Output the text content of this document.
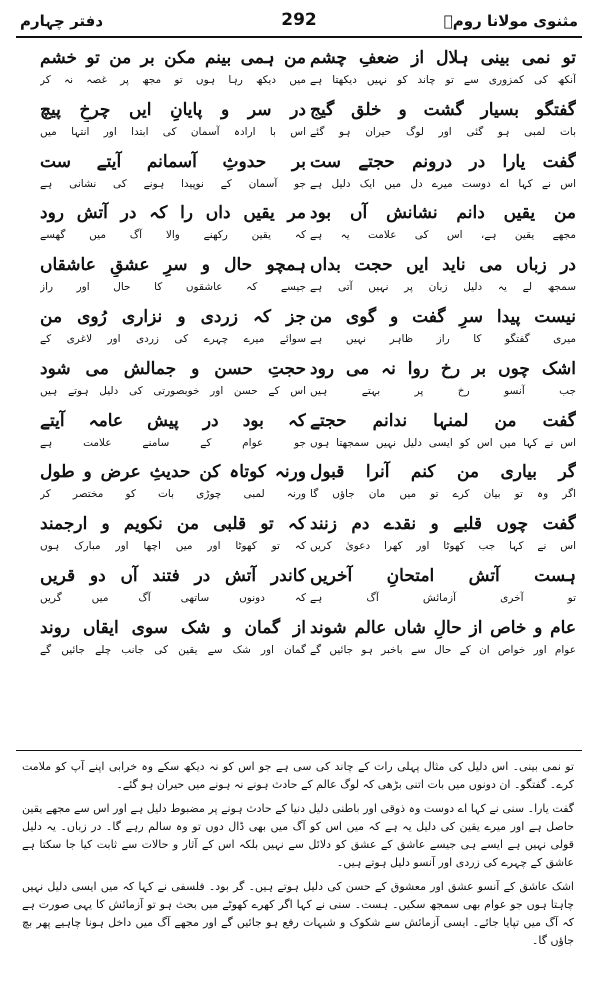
مثنوی مولانا رومؒ
292
دفتر چہارم
تو نمی بینی ہلال از ضعفِ چشم
آنکھ کی کمزوری سے تو چاند کو نہیں دیکھتا ہے
گفتگو بسیار گشت و خلق گیج
بات لمبی ہو گئی اور لوگ حیران ہو گئے
گفت یارا در درونم حجتے ست
اس نے کہا اے دوست میرے دل میں ایک دلیل ہے
من یقیں دانم نشانش آں بود
مجھے یقین ہے، اس کی علامت یہ ہے
در زباں می ناید ایں حجت بداں
سمجھ لے یہ دلیل زبان پر نہیں آتی ہے
نیست پیدا سرِ گفت و گوی من
میری گفتگو کا راز ظاہر نہیں ہے
اشک چوں بر رخ روا نہ می رود
جب آنسو رخ پر بہتے ہیں
گفت من لمنہا ندانم حجتے
اس نے کہا میں اس کو ایسی دلیل نہیں سمجھتا ہوں
گر بیاری من کنم آنرا قبول
اگر وہ تو بیان کرے تو میں مان جاؤں گا
گفت چوں قلبے و نقدے دم زنند
اس نے کہا جب کھوٹا اور کھرا دعویٰ کریں
ہست آتش امتحانِ آخریں
تو آخری آزمائش آگ ہے
عام و خاص از حالِ شاں عالم شوند
عوام اور خواص ان کے حال سے باخبر ہو جائیں گے
من ہمی بینم مکن بر من تو خشم
میں دیکھ رہا ہوں تو مجھ پر غصہ نہ کر
در سر و پایانِ ایں چرخِ پیچ
اس با ارادہ آسمان کی ابتدا اور انتہا میں
بر حدوثِ آسمانم آیتے ست
جو آسمان کے نوپیدا ہونے کی نشانی ہے
مر یقیں داں را کہ در آتش رود
کہ یقین رکھنے والا آگ میں گھسے
ہمچو حال و سرِ عشقِ عاشقاں
جیسے کہ عاشقوں کا حال اور راز
جز کہ زردی و نزاری رُوی من
سوائے میرے چہرے کی زردی اور لاغری کے
حجتِ حسن و جمالش می شود
اس کے حسن اور خوبصورتی کی دلیل ہوتے ہیں
کہ بود در پیش عامہ آیتے
جو عوام کے سامنے علامت ہے
ورنہ کوتاہ کن حدیثِ عرض و طول
ورنہ لمبی چوڑی بات کو مختصر کر
کہ تو قلبی من نکویم و ارجمند
کہ تو کھوٹا اور میں اچھا اور مبارک ہوں
کاندر آتش در فتند آں دو قریں
کہ دونوں ساتھی آگ میں گریں
از گمان و شک سوی ایقاں روند
گمان اور شک سے یقین کی جانب چلے جائیں گے

تو نمی بینی۔ اس دلیل کی مثال پہلی رات کے چاند کی سی ہے جو اس کو نہ دیکھ سکے وہ خرابی اپنے آپ کو ملامت کرے۔ گفتگو۔ ان دونوں میں بات اتنی بڑھی کہ لوگ عالم کے حادث ہونے نہ ہونے میں حیران ہو گئے۔

گفت یارا۔ سنی نے کہا اے دوست وہ ذوقی اور باطنی دلیل دنیا کے حادث ہونے پر مضبوط دلیل ہے اور اس سے مجھے یقین حاصل ہے اور میرے یقین کی دلیل یہ ہے کہ میں اس کو آگ میں بھی ڈال دوں تو وہ سالم رہے گا۔ در زباں۔ یہ دلیل قولی نہیں ہے ایسے ہی جیسے عاشق کے عشق کو دلائل سے نہیں بلکہ اس کے آثار و حالات سے ثابت کیا جا سکتا ہے عاشق کے چہرے کی زردی اور آنسو دلیل ہوتے ہیں۔

اشک عاشق کے آنسو عشق اور معشوق کے حسن کی دلیل ہوتے ہیں۔ گر بود۔ فلسفی نے کہا کہ میں ایسی دلیل نہیں چاہتا ہوں جو عوام بھی سمجھ سکیں۔ ہست۔ سنی نے کہا اگر کھرے کھوٹے میں بحث ہو تو آزمائش کا یہی صورت ہے کہ آگ میں تپایا جائے۔ ایسی آزمائش سے شکوک و شبہات رفع ہو جائیں گے اور مجھے آگ میں داخل ہونا چاہیے پھر بچ جاؤں گا۔
